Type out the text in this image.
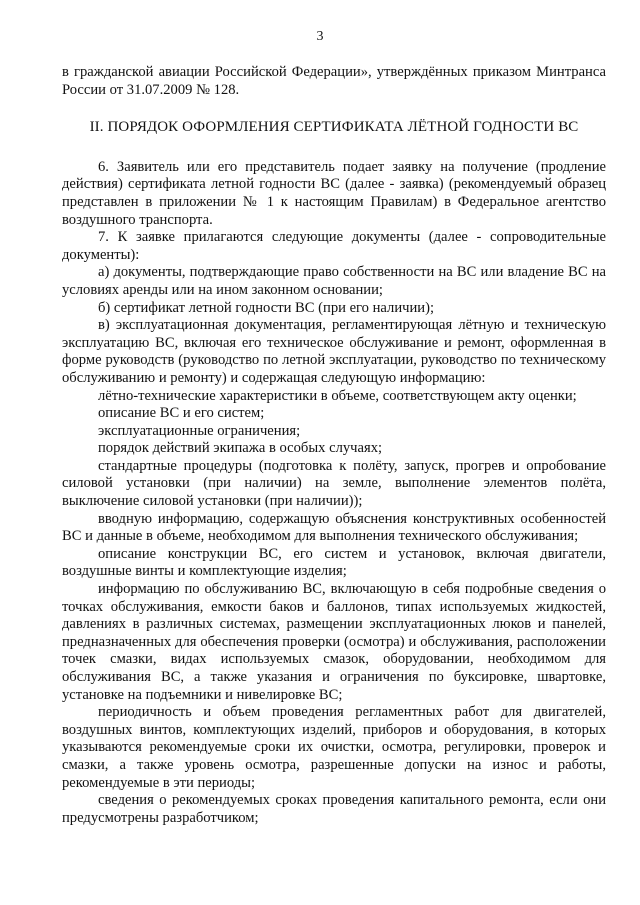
3

в гражданской авиации Российской Федерации», утверждённых приказом Минтранса России от 31.07.2009 № 128.

II. ПОРЯДОК ОФОРМЛЕНИЯ СЕРТИФИКАТА ЛЁТНОЙ ГОДНОСТИ ВС

6. Заявитель или его представитель подает заявку на получение (продление действия) сертификата летной годности ВС (далее - заявка) (рекомендуемый образец представлен в приложении № 1 к настоящим Правилам) в Федеральное агентство воздушного транспорта.

7. К заявке прилагаются следующие документы (далее - сопроводительные документы):

а) документы, подтверждающие право собственности на ВС или владение ВС на условиях аренды или на ином законном основании;

б) сертификат летной годности ВС (при его наличии);

в) эксплуатационная документация, регламентирующая лётную и техническую эксплуатацию ВС, включая его техническое обслуживание и ремонт, оформленная в форме руководств (руководство по летной эксплуатации, руководство по техническому обслуживанию и ремонту) и содержащая следующую информацию:

лётно-технические характеристики в объеме, соответствующем акту оценки;

описание ВС и его систем;

эксплуатационные ограничения;

порядок действий экипажа в особых случаях;

стандартные процедуры (подготовка к полёту, запуск, прогрев и опробование силовой установки (при наличии) на земле, выполнение элементов полёта, выключение силовой установки (при наличии));

вводную информацию, содержащую объяснения конструктивных особенностей ВС и данные в объеме, необходимом для выполнения технического обслуживания;

описание конструкции ВС, его систем и установок, включая двигатели, воздушные винты и комплектующие изделия;

информацию по обслуживанию ВС, включающую в себя подробные сведения о точках обслуживания, емкости баков и баллонов, типах используемых жидкостей, давлениях в различных системах, размещении эксплуатационных люков и панелей, предназначенных для обеспечения проверки (осмотра) и обслуживания, расположении точек смазки, видах используемых смазок, оборудовании, необходимом для обслуживания ВС, а также указания и ограничения по буксировке, швартовке, установке на подъемники и нивелировке ВС;

периодичность и объем проведения регламентных работ для двигателей, воздушных винтов, комплектующих изделий, приборов и оборудования, в которых указываются рекомендуемые сроки их очистки, осмотра, регулировки, проверок и смазки, а также уровень осмотра, разрешенные допуски на износ и работы, рекомендуемые в эти периоды;

сведения о рекомендуемых сроках проведения капитального ремонта, если они предусмотрены разработчиком;
